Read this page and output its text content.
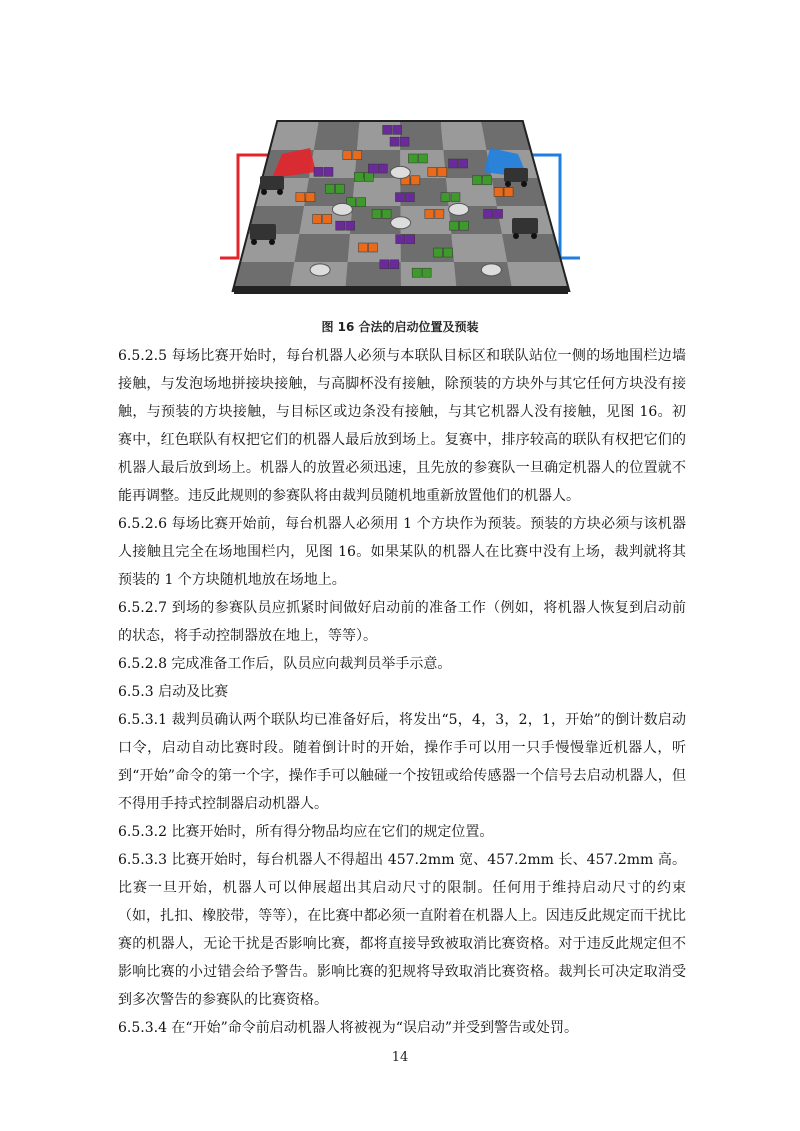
图 16 合法的启动位置及预装

6.5.2.5 每场比赛开始时，每台机器人必须与本联队目标区和联队站位一侧的场地围栏边墙接触，与发泡场地拼接块接触，与高脚杯没有接触，除预装的方块外与其它任何方块没有接触，与预装的方块接触，与目标区或边条没有接触，与其它机器人没有接触，见图 16。初赛中，红色联队有权把它们的机器人最后放到场上。复赛中，排序较高的联队有权把它们的机器人最后放到场上。机器人的放置必须迅速，且先放的参赛队一旦确定机器人的位置就不能再调整。违反此规则的参赛队将由裁判员随机地重新放置他们的机器人。

6.5.2.6 每场比赛开始前，每台机器人必须用 1 个方块作为预装。预装的方块必须与该机器人接触且完全在场地围栏内，见图 16。如果某队的机器人在比赛中没有上场，裁判就将其预装的 1 个方块随机地放在场地上。

6.5.2.7 到场的参赛队员应抓紧时间做好启动前的准备工作（例如，将机器人恢复到启动前的状态，将手动控制器放在地上，等等）。

6.5.2.8 完成准备工作后，队员应向裁判员举手示意。

6.5.3 启动及比赛

6.5.3.1 裁判员确认两个联队均已准备好后，将发出“5，4，3，2，1，开始”的倒计数启动口令，启动自动比赛时段。随着倒计时的开始，操作手可以用一只手慢慢靠近机器人，听到“开始”命令的第一个字，操作手可以触碰一个按钮或给传感器一个信号去启动机器人，但不得用手持式控制器启动机器人。

6.5.3.2 比赛开始时，所有得分物品均应在它们的规定位置。

6.5.3.3 比赛开始时，每台机器人不得超出 457.2mm 宽、457.2mm 长、457.2mm 高。比赛一旦开始，机器人可以伸展超出其启动尺寸的限制。任何用于维持启动尺寸的约束（如，扎扣、橡胶带，等等），在比赛中都必须一直附着在机器人上。因违反此规定而干扰比赛的机器人，无论干扰是否影响比赛，都将直接导致被取消比赛资格。对于违反此规定但不影响比赛的小过错会给予警告。影响比赛的犯规将导致取消比赛资格。裁判长可决定取消受到多次警告的参赛队的比赛资格。

6.5.3.4 在“开始”命令前启动机器人将被视为“误启动”并受到警告或处罚。

14
